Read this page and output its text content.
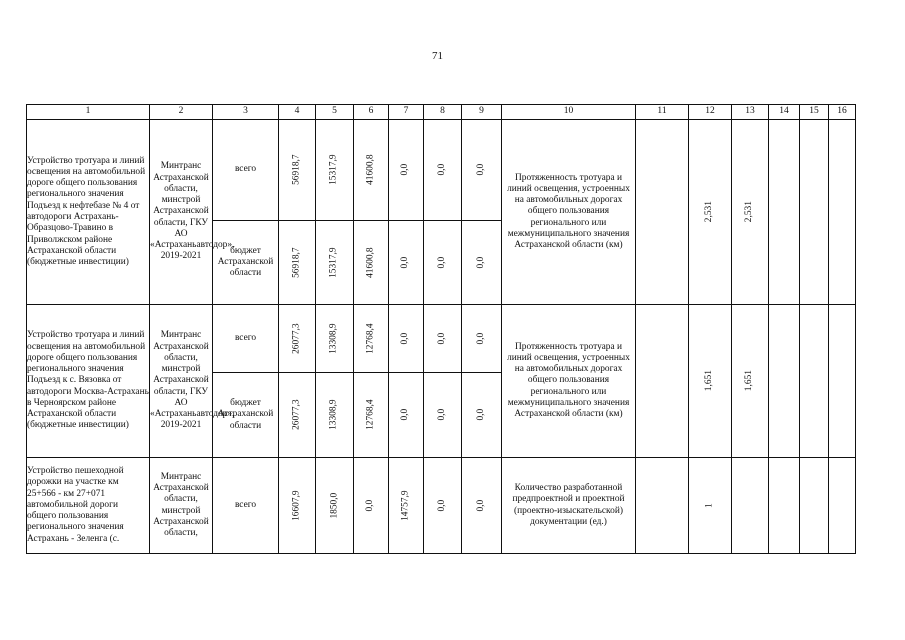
71
1	2	3	4	5	6	7	8	9	10	11	12	13	14	15	16
Устройство тротуара и линий освещения на автомобильной дороге общего пользования регионального значения Подъезд к нефтебазе № 4 от автодороги Астрахань-Образцово-Травино в Приволжском районе Астраханской области (бюджетные инвестиции)	Минтранс Астраханской области, минстрой Астраханской области, ГКУ АО «Астраханьавтодор», 2019-2021	всего	56918,7	15317,9	41600,8	0,0	0,0	0,0	Протяженность тротуара и линий освещения, устроенных на автомобильных дорогах общего пользования регионального или межмуниципального значения Астраханской области (км)		2,531	2,531			
		бюджет Астраханской области	56918,7	15317,9	41600,8	0,0	0,0	0,0							
Устройство тротуара и линий освещения на автомобильной дороге общего пользования регионального значения Подъезд к с. Вязовка от автодороги Москва-Астрахань в Черноярском районе Астраханской области (бюджетные инвестиции)	Минтранс Астраханской области, минстрой Астраханской области, ГКУ АО «Астраханьавтодор», 2019-2021	всего	26077,3	13308,9	12768,4	0,0	0,0	0,0	Протяженность тротуара и линий освещения, устроенных на автомобильных дорогах общего пользования регионального или межмуниципального значения Астраханской области (км)		1,651	1,651			
		бюджет Астраханской области	26077,3	13308,9	12768,4	0,0	0,0	0,0							
Устройство пешеходной дорожки на участке км 25+566 - км 27+071 автомобильной дороги общего пользования регионального значения Астрахань - Зеленга (с.	Минтранс Астраханской области, минстрой Астраханской области,	всего	16607,9	1850,0	0,0	14757,9	0,0	0,0	Количество разработанной предпроектной и проектной (проектно-изыскательской) документации (ед.)		1				
